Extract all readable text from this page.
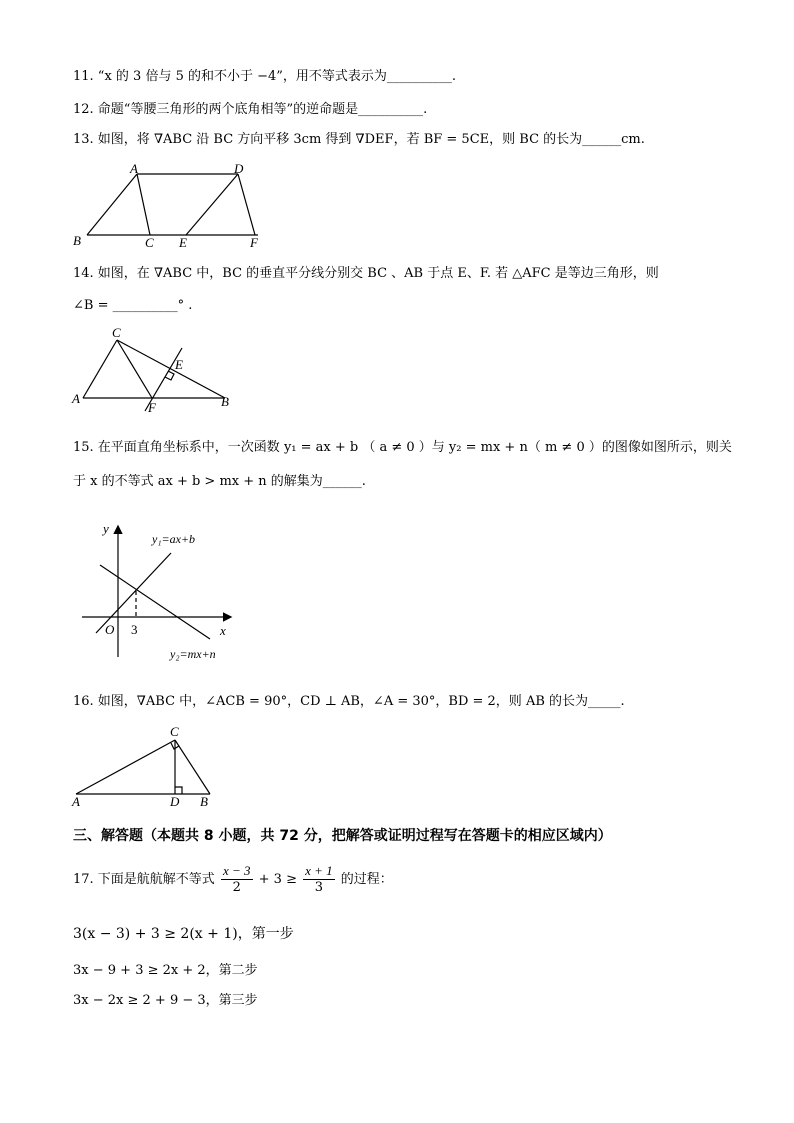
11. “x 的 3 倍与 5 的和不小于 −4”，用不等式表示为__________.
12. 命题“等腰三角形的两个底角相等”的逆命题是__________.
13. 如图，将 ∇ABC 沿 BC 方向平移 3cm 得到 ∇DEF，若 BF = 5CE，则 BC 的长为______cm.
A	D
B	C E	F
14. 如图，在 ∇ABC 中，BC 的垂直平分线分别交 BC 、AB 于点 E、F. 若 △AFC 是等边三角形，则
∠B = __________° .
C
E
A
F	B
15. 在平面直角坐标系中，一次函数 y₁ = ax + b （ a ≠ 0 ）与 y₂ = mx + n（ m ≠ 0 ）的图像如图所示，则关
于 x 的不等式 ax + b > mx + n 的解集为______.
y
x
O 3
y₁=ax+b
y₂=mx+n
16. 如图，∇ABC 中，∠ACB = 90°，CD ⊥ AB，∠A = 30°，BD = 2，则 AB 的长为_____.
C
A	D B
三、解答题（本题共 8 小题，共 72 分，把解答或证明过程写在答题卡的相应区域内）
17. 下面是航航解不等式 $\frac{x - 3}{2} + 3 \ge \frac{x + 1}{3}$ 的过程：
3(x − 3) + 3 ≥ 2(x + 1)，第一步
3x − 9 + 3 ≥ 2x + 2，第二步
3x − 2x ≥ 2 + 9 − 3，第三步
